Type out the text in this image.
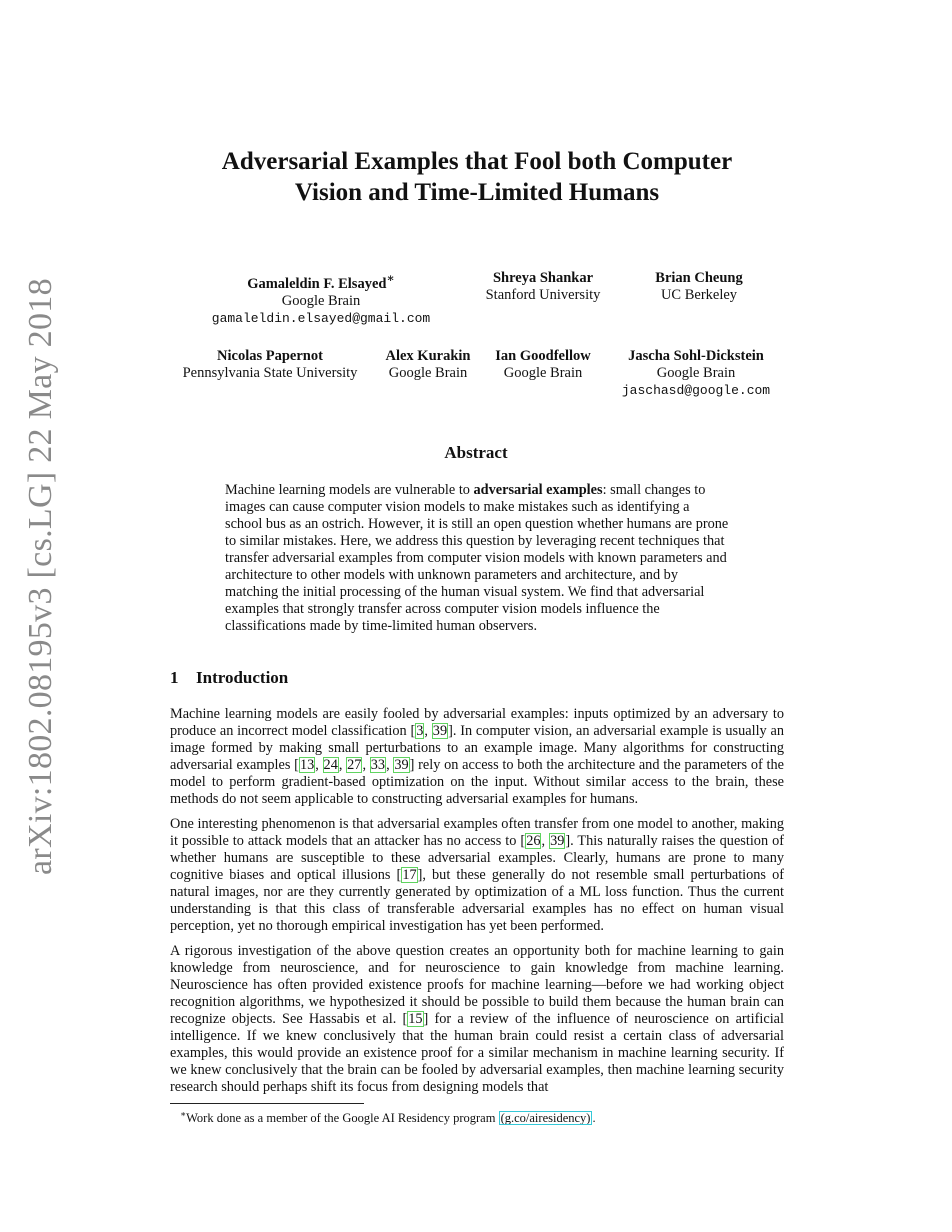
arXiv:1802.08195v3 [cs.LG] 22 May 2018
Adversarial Examples that Fool both Computer
Vision and Time-Limited Humans
Gamaleldin F. Elsayed∗
Google Brain
gamaleldin.elsayed@gmail.com
Shreya Shankar
Stanford University
Brian Cheung
UC Berkeley
Nicolas Papernot
Pennsylvania State University
Alex Kurakin
Google Brain
Ian Goodfellow
Google Brain
Jascha Sohl-Dickstein
Google Brain
jaschasd@google.com
Abstract
Machine learning models are vulnerable to adversarial examples: small changes to images can cause computer vision models to make mistakes such as identifying a school bus as an ostrich. However, it is still an open question whether humans are prone to similar mistakes. Here, we address this question by leveraging recent techniques that transfer adversarial examples from computer vision models with known parameters and architecture to other models with unknown parameters and architecture, and by matching the initial processing of the human visual system. We find that adversarial examples that strongly transfer across computer vision models influence the classifications made by time-limited human observers.
1 Introduction

Machine learning models are easily fooled by adversarial examples: inputs optimized by an adversary to produce an incorrect model classification [3, 39]. In computer vision, an adversarial example is usually an image formed by making small perturbations to an example image. Many algorithms for constructing adversarial examples [13, 24, 27, 33, 39] rely on access to both the architecture and the parameters of the model to perform gradient-based optimization on the input. Without similar access to the brain, these methods do not seem applicable to constructing adversarial examples for humans.

One interesting phenomenon is that adversarial examples often transfer from one model to another, making it possible to attack models that an attacker has no access to [26, 39]. This naturally raises the question of whether humans are susceptible to these adversarial examples. Clearly, humans are prone to many cognitive biases and optical illusions [17], but these generally do not resemble small perturbations of natural images, nor are they currently generated by optimization of a ML loss function. Thus the current understanding is that this class of transferable adversarial examples has no effect on human visual perception, yet no thorough empirical investigation has yet been performed.

A rigorous investigation of the above question creates an opportunity both for machine learning to gain knowledge from neuroscience, and for neuroscience to gain knowledge from machine learning. Neuroscience has often provided existence proofs for machine learning—before we had working object recognition algorithms, we hypothesized it should be possible to build them because the human brain can recognize objects. See Hassabis et al. [15] for a review of the influence of neuroscience on artificial intelligence. If we knew conclusively that the human brain could resist a certain class of adversarial examples, this would provide an existence proof for a similar mechanism in machine learning security. If we knew conclusively that the brain can be fooled by adversarial examples, then machine learning security research should perhaps shift its focus from designing models that

∗Work done as a member of the Google AI Residency program (g.co/airesidency) .
